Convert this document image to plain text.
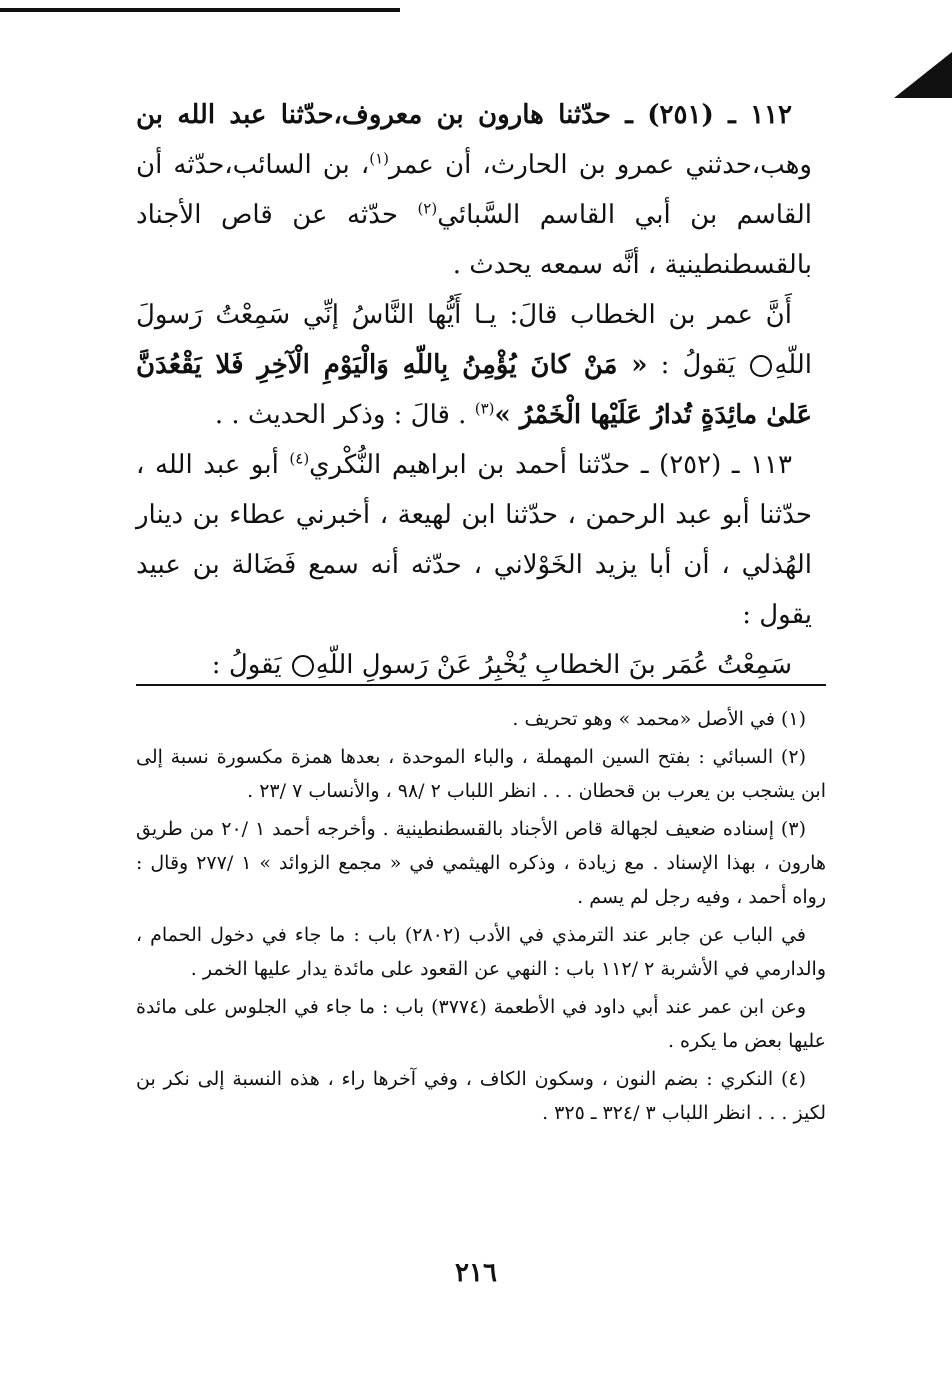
١١٢ ـ (٢٥١) ـ حدّثنا هارون بن معروف،حدّثنا عبد الله بن وهب،حدثني عمرو بن الحارث، أن عمر$^{(١)}$، بن السائب،حدّثه أن القاسم بن أبي القاسم السَّبائي$^{(٢)}$ حدّثه عن قاص الأجناد بالقسطنطينية ، أنَّه سمعه يحدث .

أَنَّ عمر بن الخطاب قالَ: يـا أَيُّها النَّاسُ إنِّي سَمِعْتُ رَسولَ اللّهِ يَقولُ : « مَنْ كانَ يُؤْمِنُ بِاللّهِ وَالْيَوْمِ الْآخِرِ فَلا يَقْعُدَنَّ عَلىٰ مائِدَةٍ تُدارُ عَلَيْها الْخَمْرُ »$^{(٣)}$ . قالَ : وذكر الحديث . .

١١٣ ـ (٢٥٢) ـ حدّثنا أحمد بن ابراهيم النُّكْري$^{(٤)}$ أبو عبد الله ، حدّثنا أبو عبد الرحمن ، حدّثنا ابن لهيعة ، أخبرني عطاء بن دينار الهُذلي ، أن أبا يزيد الخَوْلاني ، حدّثه أنه سمع فَضَالة بن عبيد يقول :

سَمِعْتُ عُمَر بنَ الخطابِ يُخْبِرُ عَنْ رَسولِ اللّهِ يَقولُ :

(١) في الأصل «محمد » وهو تحريف .

(٢) السبائي : بفتح السين المهملة ، والباء الموحدة ، بعدها همزة مكسورة نسبة إلى ابن يشجب بن يعرب بن قحطان . . . انظر اللباب ٢ /٩٨ ، والأنساب ٧ /٢٣ .

(٣) إسناده ضعيف لجهالة قاص الأجناد بالقسطنطينية . وأخرجه أحمد ١ /٢٠ من طريق هارون ، بهذا الإسناد . مع زيادة ، وذكره الهيثمي في « مجمع الزوائد » ١ /٢٧٧ وقال : رواه أحمد ، وفيه رجل لم يسم .

في الباب عن جابر عند الترمذي في الأدب (٢٨٠٢) باب : ما جاء في دخول الحمام ، والدارمي في الأشربة ٢ /١١٢ باب : النهي عن القعود على مائدة يدار عليها الخمر .

وعن ابن عمر عند أبي داود في الأطعمة (٣٧٧٤) باب : ما جاء في الجلوس على مائدة عليها بعض ما يكره .

(٤) النكري : بضم النون ، وسكون الكاف ، وفي آخرها راء ، هذه النسبة إلى نكر بن لكيز . . . انظر اللباب ٣ /٣٢٤ ـ ٣٢٥ .

٢١٦
